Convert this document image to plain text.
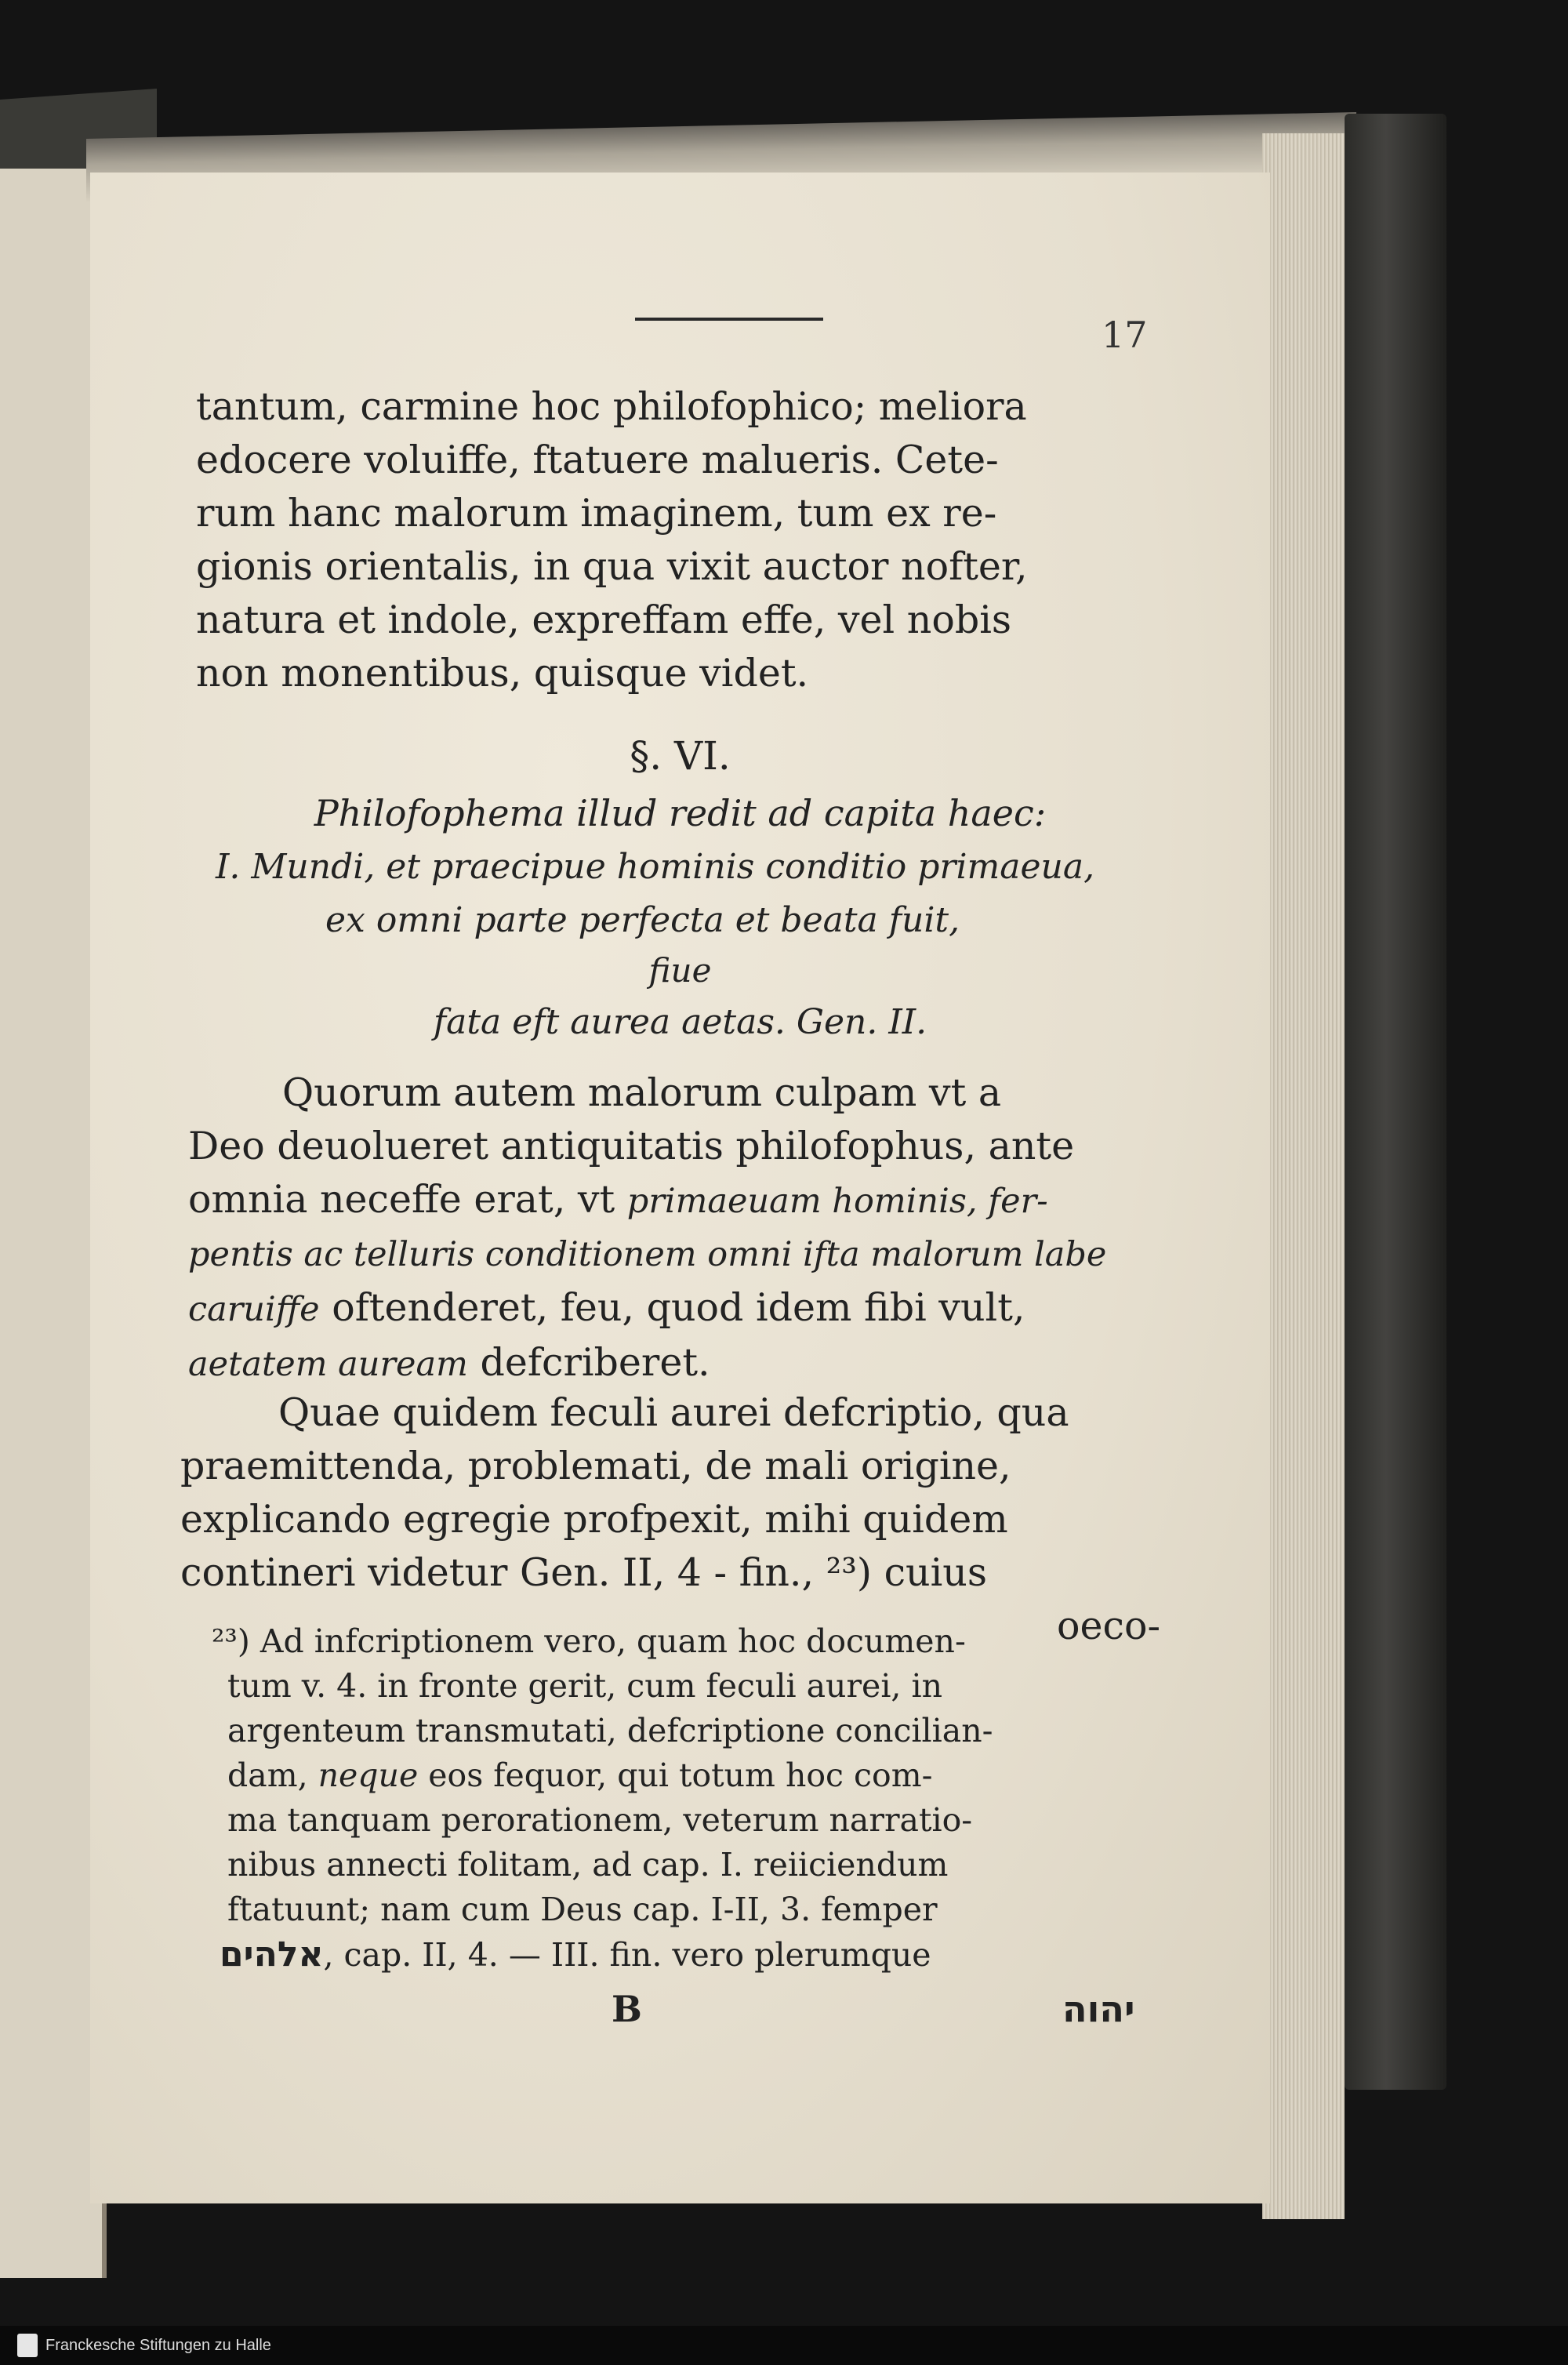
17
tantum, carmine hoc philofophico; meliora
edocere voluiffe, ftatuere malueris. Cete-
rum hanc malorum imaginem, tum ex re-
gionis orientalis, in qua vixit auctor nofter,
natura et indole, expreffam effe, vel nobis
non monentibus, quisque videt.
§. VI.
Philofophema illud redit ad capita haec:
I. Mundi, et praecipue hominis conditio primaeua,
ex omni parte perfecta et beata fuit,
fiue
fata eft aurea aetas. Gen. II.
Quorum autem malorum culpam vt a
Deo deuolueret antiquitatis philofophus, ante
omnia neceffe erat, vt primaeuam hominis, fer-
pentis ac telluris conditionem omni ifta malorum labe
caruiffe oftenderet, feu, quod idem fibi vult,
aetatem auream defcriberet.
Quae quidem feculi aurei defcriptio, qua
praemittenda, problemati, de mali origine,
explicando egregie profpexit, mihi quidem
contineri videtur Gen. II, 4 - fin., ²³) cuius
oeco-
²³) Ad infcriptionem vero, quam hoc documen-
tum v. 4. in fronte gerit, cum feculi aurei, in
argenteum transmutati, defcriptione concilian-
dam, neque eos fequor, qui totum hoc com-
ma tanquam perorationem, veterum narratio-
nibus annecti folitam, ad cap. I. reiiciendum
ftatuunt; nam cum Deus cap. I-II, 3. femper
אלהים, cap. II, 4. — III. fin. vero plerumque
B	יהוה
Franckesche Stiftungen zu Halle
